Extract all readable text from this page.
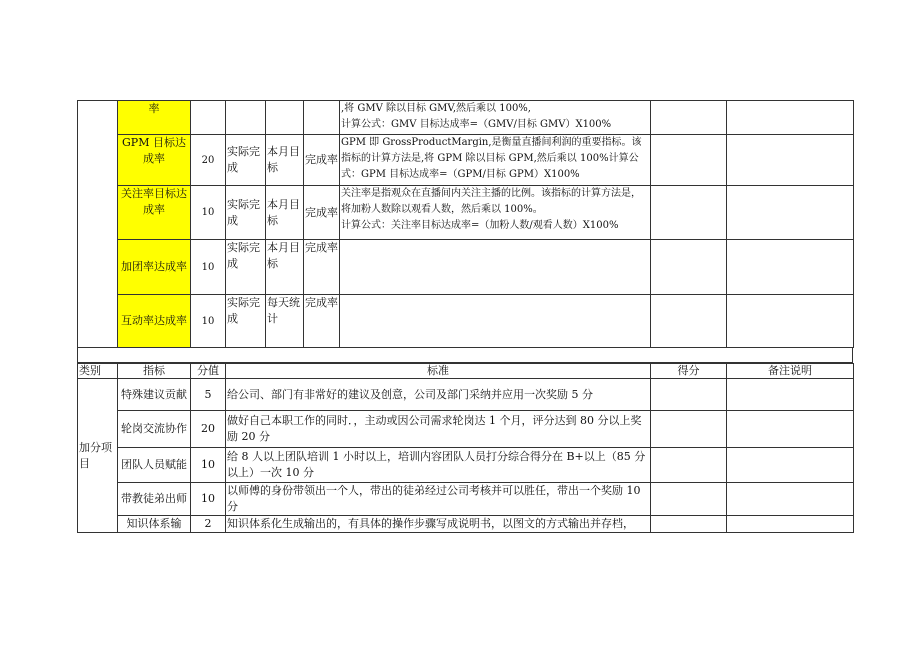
	率					,将 GMV 除以目标 GMV,然后乘以 100%,
计算公式：GMV 目标达成率=（GMV/目标 GMV）X100%		

	GPM 目标达成率	20	实际完成	本月目标	完成率	GPM 即 GrossProductMargin,是衡量直播间利润的重要指标。该指标的计算方法是,将 GPM 除以目标 GPM,然后乘以 100%计算公式：GPM 目标达成率=（GPM/目标 GPM）X100%		

	关注率目标达成率	10	实际完成	本月目标	完成率	关注率是指观众在直播间内关注主播的比例。该指标的计算方法是，将加粉人数除以观看人数，然后乘以 100%。
计算公式：关注率目标达成率=（加粉人数/观看人数）X100%		

	加团率达成率	10	实际完成	本月目标	完成率			
	互动率达成率	10	实际完成	每天统计	完成率			
类别	指标	分值	标准	得分	备注说明
加分项目	特殊建议贡献	5	给公司、部门有非常好的建议及创意，公司及部门采纳并应用一次奖励 5 分		
	轮岗交流协作	20	做好自己本职工作的同时．，主动或因公司需求轮岗达 1 个月，评分达到 80 分以上奖励 20 分		
	团队人员赋能	10	给 8 人以上团队培训 1 小时以上，培训内容团队人员打分综合得分在 B+以上（85 分以上）一次 10 分		
	带教徒弟出师	10	以师傅的身份带领出一个人，带出的徒弟经过公司考核并可以胜任，带出一个奖励 10 分		
	知识体系输	2	知识体系化生成输出的，有具体的操作步骤写成说明书，以图文的方式输出并存档，		
